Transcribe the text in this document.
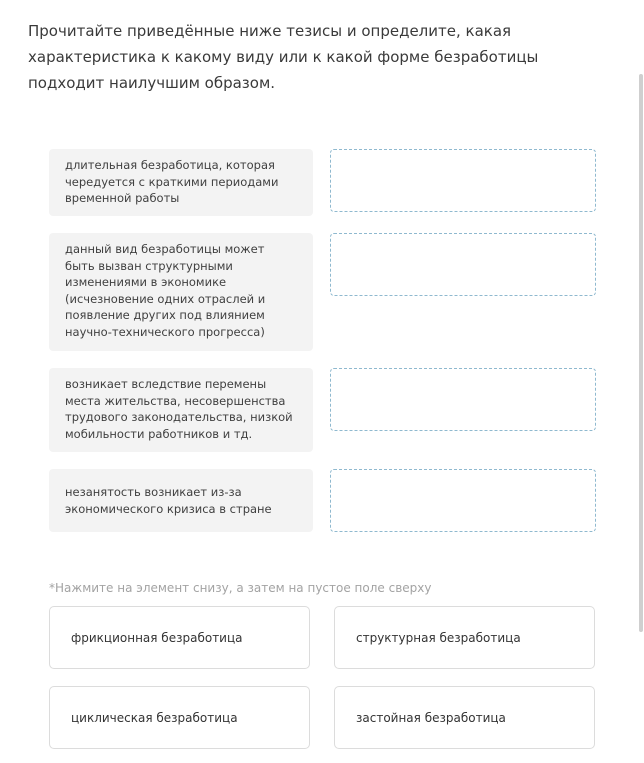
Прочитайте приведённые ниже тезисы и определите, какая характеристика к какому виду или к какой форме безработицы подходит наилучшим образом.
длительная безработица, которая чередуется с краткими периодами временной работы
данный вид безработицы может быть вызван структурными изменениями в экономике (исчезновение одних отраслей и появление других под влиянием научно-технического прогресса)
возникает вследствие перемены места жительства, несовершенства трудового законодательства, низкой мобильности работников и тд.
незанятость возникает из-за экономического кризиса в стране
*Нажмите на элемент снизу, а затем на пустое поле сверху
фрикционная безработица	структурная безработица
циклическая безработица	застойная безработица
